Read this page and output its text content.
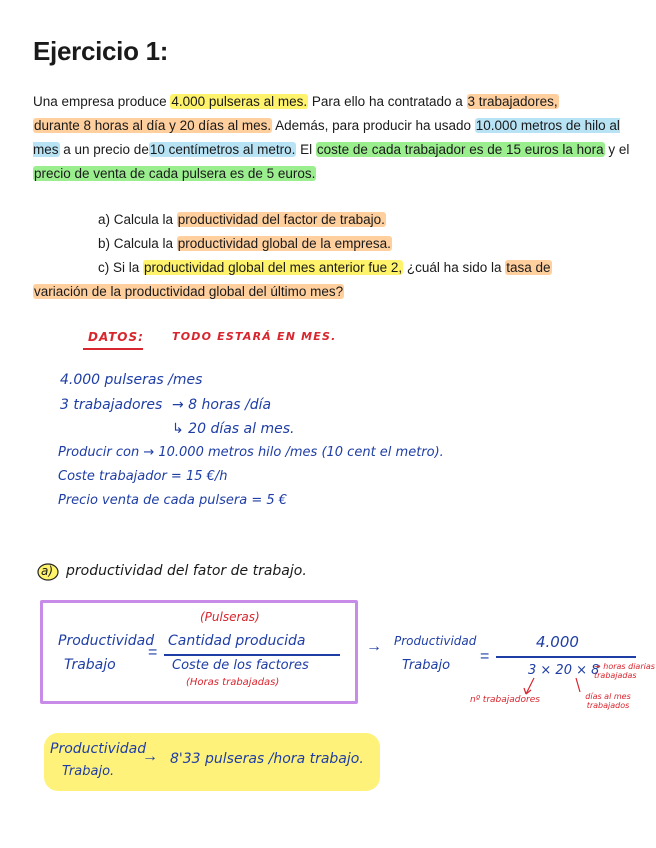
Ejercicio 1:
Una empresa produce 4.000 pulseras al mes. Para ello ha contratado a 3 trabajadores,
durante 8 horas al día y 20 días al mes. Además, para producir ha usado 10.000 metros de hilo al mes a un precio de10 centímetros al metro. El coste de cada trabajador es de 15 euros la hora y el precio de venta de cada pulsera es de 5 euros.
a) Calcula la productividad del factor de trabajo.
b) Calcula la productividad global de la empresa.
c) Si la productividad global del mes anterior fue 2, ¿cuál ha sido la tasa de
variación de la productividad global del último mes?
DATOS:	TODO ESTARÁ EN MES.
4.000 pulseras /mes
3 trabajadores → 8 horas /día
↳ 20 días al mes.
Producir con → 10.000 metros hilo /mes (10 cent el metro).
Coste trabajador = 15 €/h
Precio venta de cada pulsera = 5 €
a) productividad del fator de trabajo.
Productividad
Trabajo
=
(Pulseras)
Cantidad producida
Coste de los factores
(Horas trabajadas)
→ Productividad
Trabajo
=
4.000
3 × 20 × 8
→ horas diarias trabajadas
días al mes trabajados
nº trabajadores
Productividad
Trabajo.
→ 8'33 pulseras /hora trabajo.
